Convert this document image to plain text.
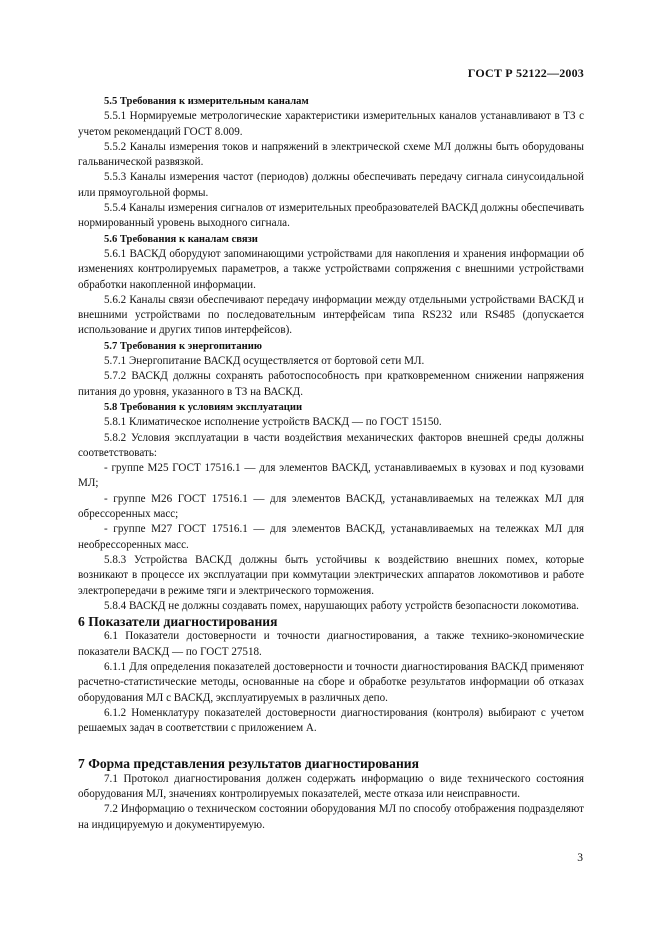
ГОСТ Р 52122—2003

5.5 Требования к измерительным каналам

5.5.1 Нормируемые метрологические характеристики измерительных каналов устанавливают в ТЗ с учетом рекомендаций ГОСТ 8.009.

5.5.2 Каналы измерения токов и напряжений в электрической схеме МЛ должны быть оборудованы гальванической развязкой.

5.5.3 Каналы измерения частот (периодов) должны обеспечивать передачу сигнала синусоидальной или прямоугольной формы.

5.5.4 Каналы измерения сигналов от измерительных преобразователей ВАСКД должны обеспечивать нормированный уровень выходного сигнала.

5.6 Требования к каналам связи

5.6.1 ВАСКД оборудуют запоминающими устройствами для накопления и хранения информации об изменениях контролируемых параметров, а также устройствами сопряжения с внешними устройствами обработки накопленной информации.

5.6.2 Каналы связи обеспечивают передачу информации между отдельными устройствами ВАСКД и внешними устройствами по последовательным интерфейсам типа RS232 или RS485 (допускается использование и других типов интерфейсов).

5.7 Требования к энергопитанию

5.7.1 Энергопитание ВАСКД осуществляется от бортовой сети МЛ.

5.7.2 ВАСКД должны сохранять работоспособность при кратковременном снижении напряжения питания до уровня, указанного в ТЗ на ВАСКД.

5.8 Требования к условиям эксплуатации

5.8.1 Климатическое исполнение устройств ВАСКД — по ГОСТ 15150.

5.8.2 Условия эксплуатации в части воздействия механических факторов внешней среды должны соответствовать:

- группе М25 ГОСТ 17516.1 — для элементов ВАСКД, устанавливаемых в кузовах и под кузовами МЛ;

- группе М26 ГОСТ 17516.1 — для элементов ВАСКД, устанавливаемых на тележках МЛ для обрессоренных масс;

- группе М27 ГОСТ 17516.1 — для элементов ВАСКД, устанавливаемых на тележках МЛ для необрессоренных масс.

5.8.3 Устройства ВАСКД должны быть устойчивы к воздействию внешних помех, которые возникают в процессе их эксплуатации при коммутации электрических аппаратов локомотивов и работе электропередачи в режиме тяги и электрического торможения.

5.8.4 ВАСКД не должны создавать помех, нарушающих работу устройств безопасности локомотива.

6 Показатели диагностирования

6.1 Показатели достоверности и точности диагностирования, а также технико-экономические показатели ВАСКД — по ГОСТ 27518.

6.1.1 Для определения показателей достоверности и точности диагностирования ВАСКД применяют расчетно-статистические методы, основанные на сборе и обработке результатов информации об отказах оборудования МЛ с ВАСКД, эксплуатируемых в различных депо.

6.1.2 Номенклатуру показателей достоверности диагностирования (контроля) выбирают с учетом решаемых задач в соответствии с приложением А.

7 Форма представления результатов диагностирования

7.1 Протокол диагностирования должен содержать информацию о виде технического состояния оборудования МЛ, значениях контролируемых показателей, месте отказа или неисправности.

7.2 Информацию о техническом состоянии оборудования МЛ по способу отображения подразделяют на индицируемую и документируемую.

3
